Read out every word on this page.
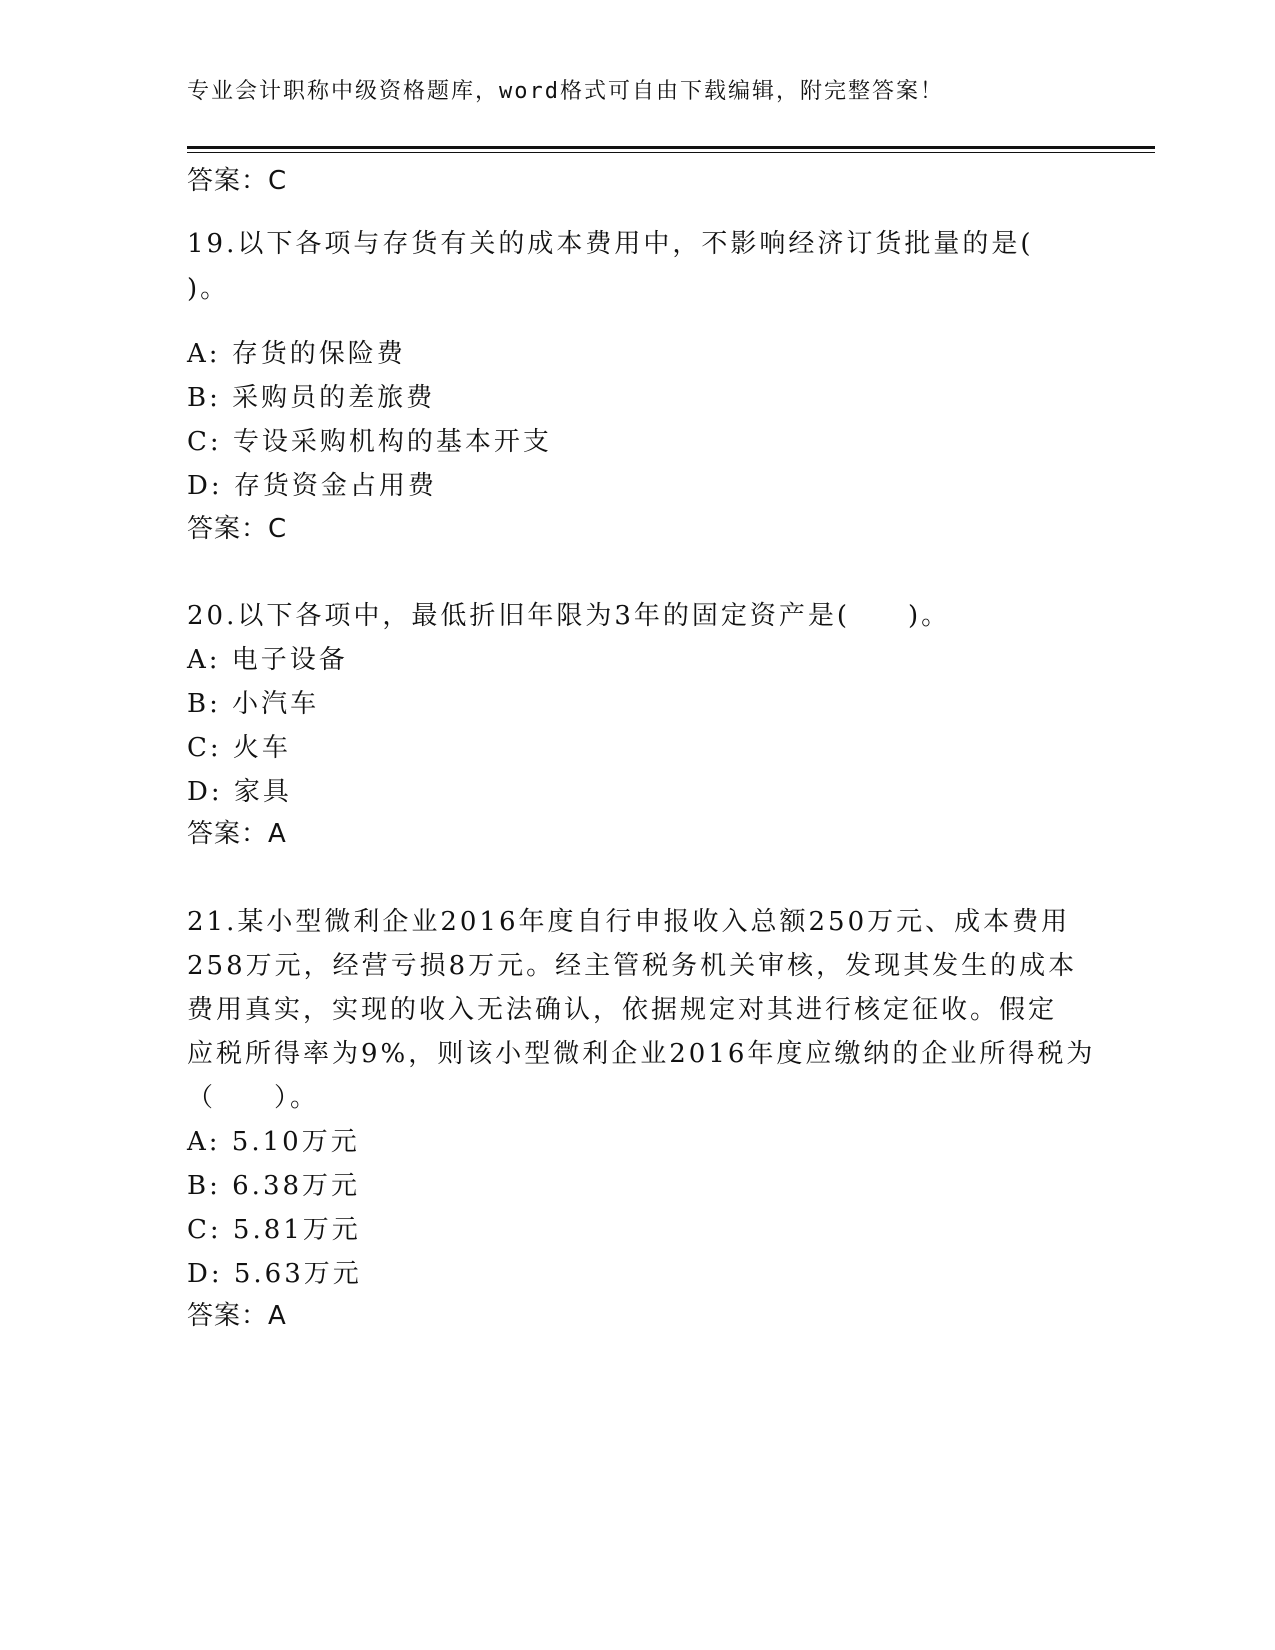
专业会计职称中级资格题库，word格式可自由下载编辑，附完整答案！
答案：C
19.以下各项与存货有关的成本费用中，不影响经济订货批量的是(
)。
A: 存货的保险费
B: 采购员的差旅费
C: 专设采购机构的基本开支
D: 存货资金占用费
答案：C
20.以下各项中，最低折旧年限为3年的固定资产是(　　)。
A: 电子设备
B: 小汽车
C: 火车
D: 家具
答案：A
21.某小型微利企业2016年度自行申报收入总额250万元、成本费用
258万元，经营亏损8万元。经主管税务机关审核，发现其发生的成本
费用真实，实现的收入无法确认，依据规定对其进行核定征收。假定
应税所得率为9%，则该小型微利企业2016年度应缴纳的企业所得税为
（　　）。
A: 5.10万元
B: 6.38万元
C: 5.81万元
D: 5.63万元
答案：A
